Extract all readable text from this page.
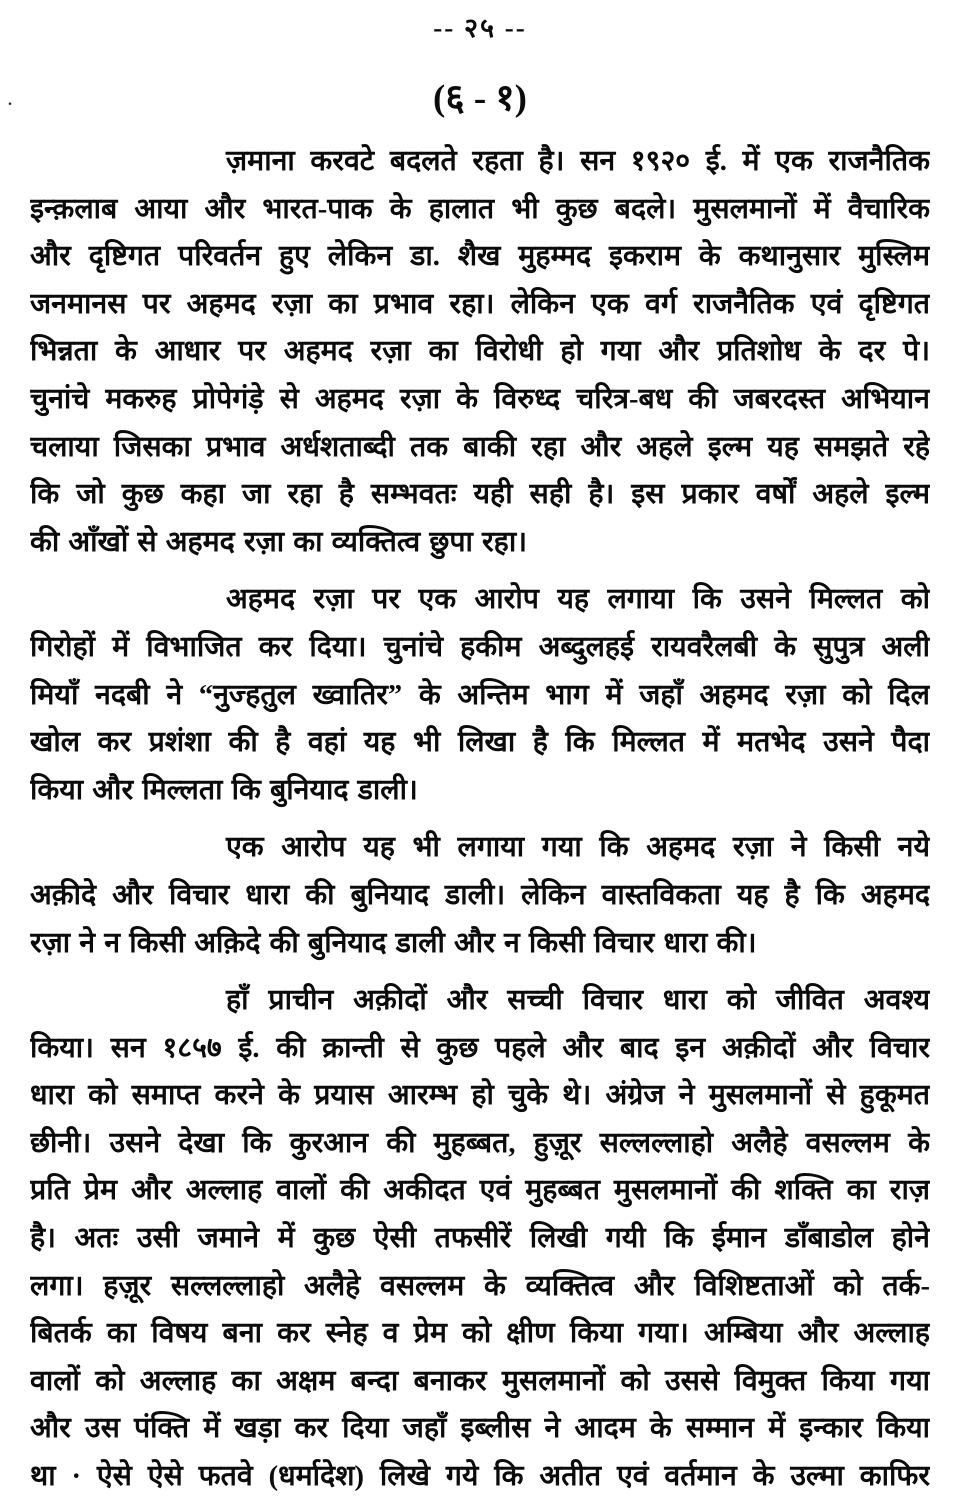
-- २५ --
(६ - १)
.
ज़माना करवटे बदलते रहता है। सन १९२० ई. में एक राजनैतिक
इन्क़लाब आया और भारत-पाक के हालात भी कुछ बदले। मुसलमानों में वैचारिक
और दृष्टिगत परिवर्तन हुए लेकिन डा. शैख मुहम्मद इकराम के कथानुसार मुस्लिम
जनमानस पर अहमद रज़ा का प्रभाव रहा। लेकिन एक वर्ग राजनैतिक एवं दृष्टिगत
भिन्नता के आधार पर अहमद रज़ा का विरोधी हो गया और प्रतिशोध के दर पे।
चुनांचे मकरुह प्रोपेगंड़े से अहमद रज़ा के विरुध्द चरित्र-बध की जबरदस्त अभियान
चलाया जिसका प्रभाव अर्धशताब्दी तक बाकी रहा और अहले इल्म यह समझते रहे
कि जो कुछ कहा जा रहा है सम्भवतः यही सही है। इस प्रकार वर्षों अहले इल्म
की आँखों से अहमद रज़ा का व्यक्तित्व छुपा रहा।
अहमद रज़ा पर एक आरोप यह लगाया कि उसने मिल्लत को
गिरोहों में विभाजित कर दिया। चुनांचे हकीम अब्दुलहई रायवरैलबी के सुपुत्र अली
मियाँ नदबी ने “नुज्हतुल ख्वातिर” के अन्तिम भाग में जहाँ अहमद रज़ा को दिल
खोल कर प्रशंशा की है वहां यह भी लिखा है कि मिल्लत में मतभेद उसने पैदा
किया और मिल्लता कि बुनियाद डाली।
एक आरोप यह भी लगाया गया कि अहमद रज़ा ने किसी नये
अक़ीदे और विचार धारा की बुनियाद डाली। लेकिन वास्तविकता यह है कि अहमद
रज़ा ने न किसी अक़िदे की बुनियाद डाली और न किसी विचार धारा की।
हाँ प्राचीन अक़ीदों और सच्ची विचार धारा को जीवित अवश्य
किया। सन १८५७ ई. की क्रान्ती से कुछ पहले और बाद इन अक़ीदों और विचार
धारा को समाप्त करने के प्रयास आरम्भ हो चुके थे। अंग्रेज ने मुसलमानों से हुकूमत
छीनी। उसने देखा कि कुरआन की मुहब्बत, हुज़ूर सल्लल्लाहो अलैहे वसल्लम के
प्रति प्रेम और अल्लाह वालों की अकीदत एवं मुहब्बत मुसलमानों की शक्ति का राज़
है। अतः उसी जमाने में कुछ ऐसी तफसीरें लिखी गयी कि ईमान डाँबाडोल होने
लगा। हज़ूर सल्लल्लाहो अलैहे वसल्लम के व्यक्तित्व और विशिष्टताओं को तर्क-
बितर्क का विषय बना कर स्नेह व प्रेम को क्षीण किया गया। अम्बिया और अल्लाह
वालों को अल्लाह का अक्षम बन्दा बनाकर मुसलमानों को उससे विमुक्त किया गया
और उस पंक्ति में खड़ा कर दिया जहाँ इब्लीस ने आदम के सम्मान में इन्कार किया
था · ऐसे ऐसे फतवे (धर्मादेश) लिखे गये कि अतीत एवं वर्तमान के उल्मा काफिर
